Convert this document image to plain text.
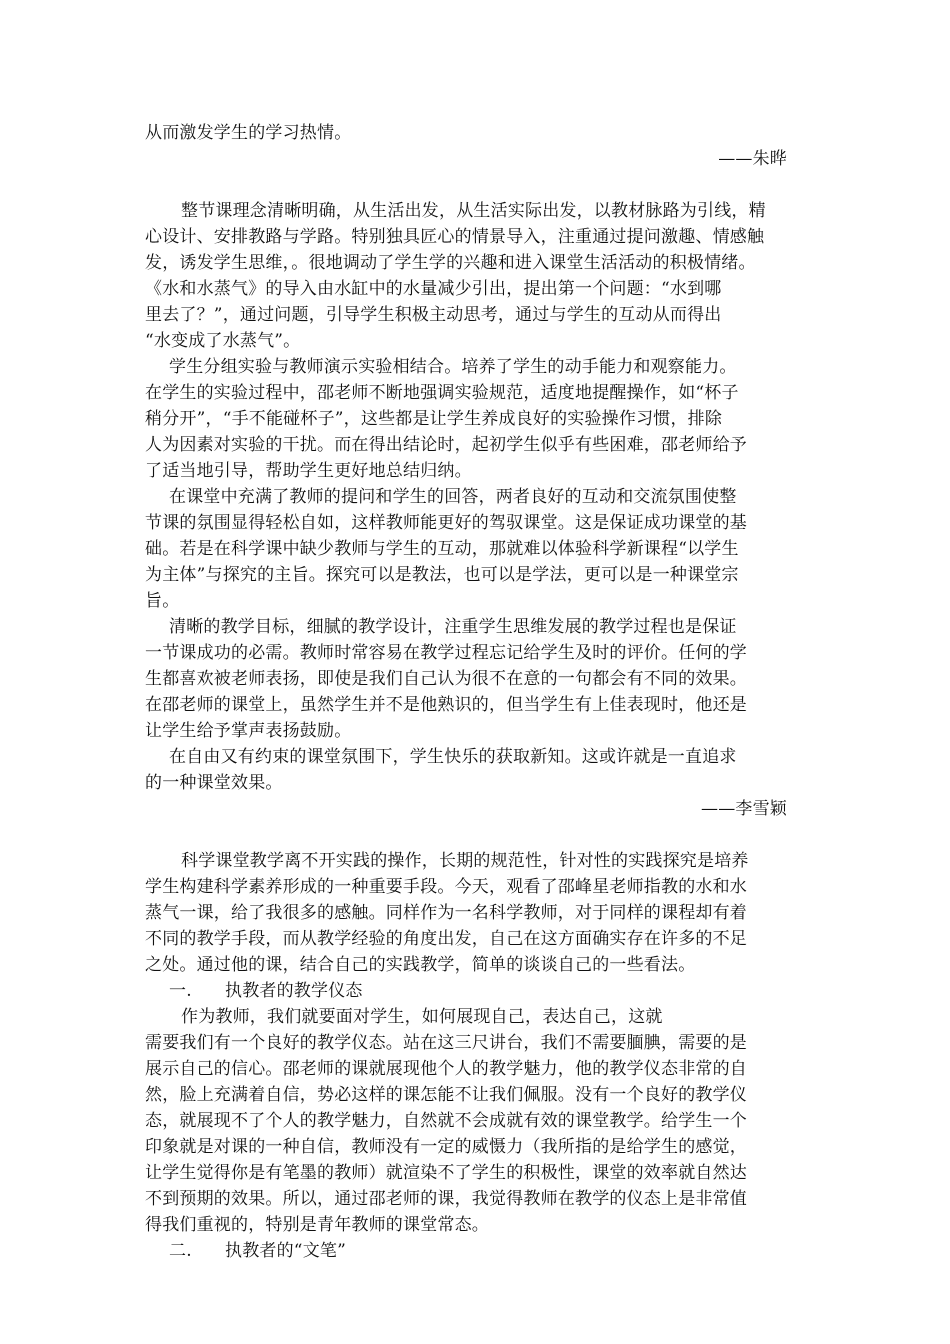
从而激发学生的学习热情。
——朱晔
整节课理念清晰明确，从生活出发，从生活实际出发，以教材脉路为引线，精
心设计、安排教路与学路。特别独具匠心的情景导入，注重通过提问激趣、情感触
发，诱发学生思维，。很地调动了学生学的兴趣和进入课堂生活活动的积极情绪。
《水和水蒸气》的导入由水缸中的水量减少引出，提出第一个问题：“水到哪
里去了？”，通过问题，引导学生积极主动思考，通过与学生的互动从而得出
“水变成了水蒸气”。
学生分组实验与教师演示实验相结合。培养了学生的动手能力和观察能力。
在学生的实验过程中，邵老师不断地强调实验规范，适度地提醒操作，如“杯子
稍分开”，“手不能碰杯子”，这些都是让学生养成良好的实验操作习惯，排除
人为因素对实验的干扰。而在得出结论时，起初学生似乎有些困难，邵老师给予
了适当地引导，帮助学生更好地总结归纳。
在课堂中充满了教师的提问和学生的回答，两者良好的互动和交流氛围使整
节课的氛围显得轻松自如，这样教师能更好的驾驭课堂。这是保证成功课堂的基
础。若是在科学课中缺少教师与学生的互动，那就难以体验科学新课程“以学生
为主体”与探究的主旨。探究可以是教法，也可以是学法，更可以是一种课堂宗
旨。
清晰的教学目标，细腻的教学设计，注重学生思维发展的教学过程也是保证
一节课成功的必需。教师时常容易在教学过程忘记给学生及时的评价。任何的学
生都喜欢被老师表扬，即使是我们自己认为很不在意的一句都会有不同的效果。
在邵老师的课堂上，虽然学生并不是他熟识的，但当学生有上佳表现时，他还是
让学生给予掌声表扬鼓励。
在自由又有约束的课堂氛围下，学生快乐的获取新知。这或许就是一直追求
的一种课堂效果。
——李雪颖
科学课堂教学离不开实践的操作，长期的规范性，针对性的实践探究是培养
学生构建科学素养形成的一种重要手段。今天，观看了邵峰星老师指教的水和水
蒸气一课，给了我很多的感触。同样作为一名科学教师，对于同样的课程却有着
不同的教学手段，而从教学经验的角度出发，自己在这方面确实存在许多的不足
之处。通过他的课，结合自己的实践教学，简单的谈谈自己的一些看法。
一. 执教者的教学仪态
作为教师，我们就要面对学生，如何展现自己，表达自己，这就
需要我们有一个良好的教学仪态。站在这三尺讲台，我们不需要腼腆，需要的是
展示自己的信心。邵老师的课就展现他个人的教学魅力，他的教学仪态非常的自
然，脸上充满着自信，势必这样的课怎能不让我们佩服。没有一个良好的教学仪
态，就展现不了个人的教学魅力，自然就不会成就有效的课堂教学。给学生一个
印象就是对课的一种自信，教师没有一定的威慑力（我所指的是给学生的感觉，
让学生觉得你是有笔墨的教师）就渲染不了学生的积极性，课堂的效率就自然达
不到预期的效果。所以，通过邵老师的课，我觉得教师在教学的仪态上是非常值
得我们重视的，特别是青年教师的课堂常态。
二. 执教者的“文笔”
